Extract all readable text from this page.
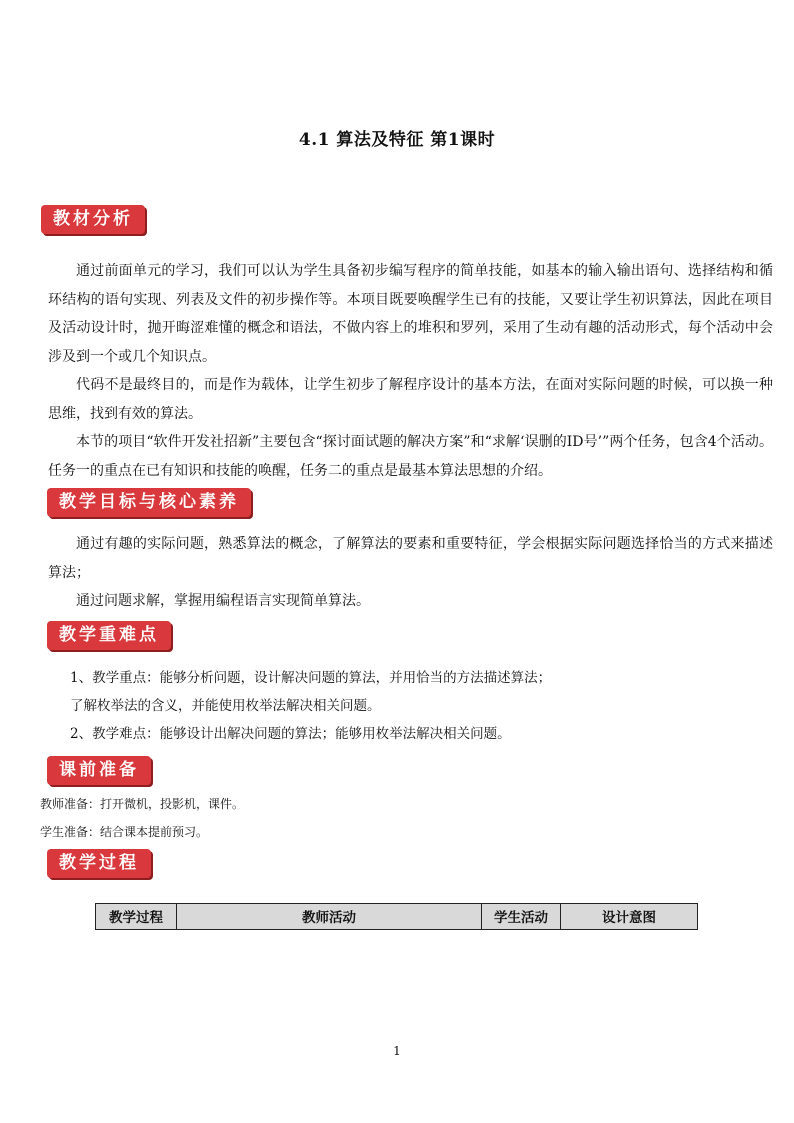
4.1 算法及特征 第1课时
教材分析

通过前面单元的学习，我们可以认为学生具备初步编写程序的简单技能，如基本的输入输出语句、选择结构和循环结构的语句实现、列表及文件的初步操作等。本项目既要唤醒学生已有的技能，又要让学生初识算法，因此在项目及活动设计时，抛开晦涩难懂的概念和语法，不做内容上的堆积和罗列，采用了生动有趣的活动形式，每个活动中会涉及到一个或几个知识点。

代码不是最终目的，而是作为载体，让学生初步了解程序设计的基本方法，在面对实际问题的时候，可以换一种思维，找到有效的算法。

本节的项目“软件开发社招新”主要包含“探讨面试题的解决方案”和“求解‘误删的ID号’”两个任务，包含4个活动。任务一的重点在已有知识和技能的唤醒，任务二的重点是最基本算法思想的介绍。

教学目标与核心素养

通过有趣的实际问题，熟悉算法的概念，了解算法的要素和重要特征，学会根据实际问题选择恰当的方式来描述算法；

通过问题求解，掌握用编程语言实现简单算法。

教学重难点
1、教学重点：能够分析问题，设计解决问题的算法，并用恰当的方法描述算法；
了解枚举法的含义，并能使用枚举法解决相关问题。
2、教学难点：能够设计出解决问题的算法；能够用枚举法解决相关问题。
课前准备
教师准备：打开微机，投影机，课件。
学生准备：结合课本提前预习。
教学过程
教学过程	教师活动	学生活动	设计意图
1
